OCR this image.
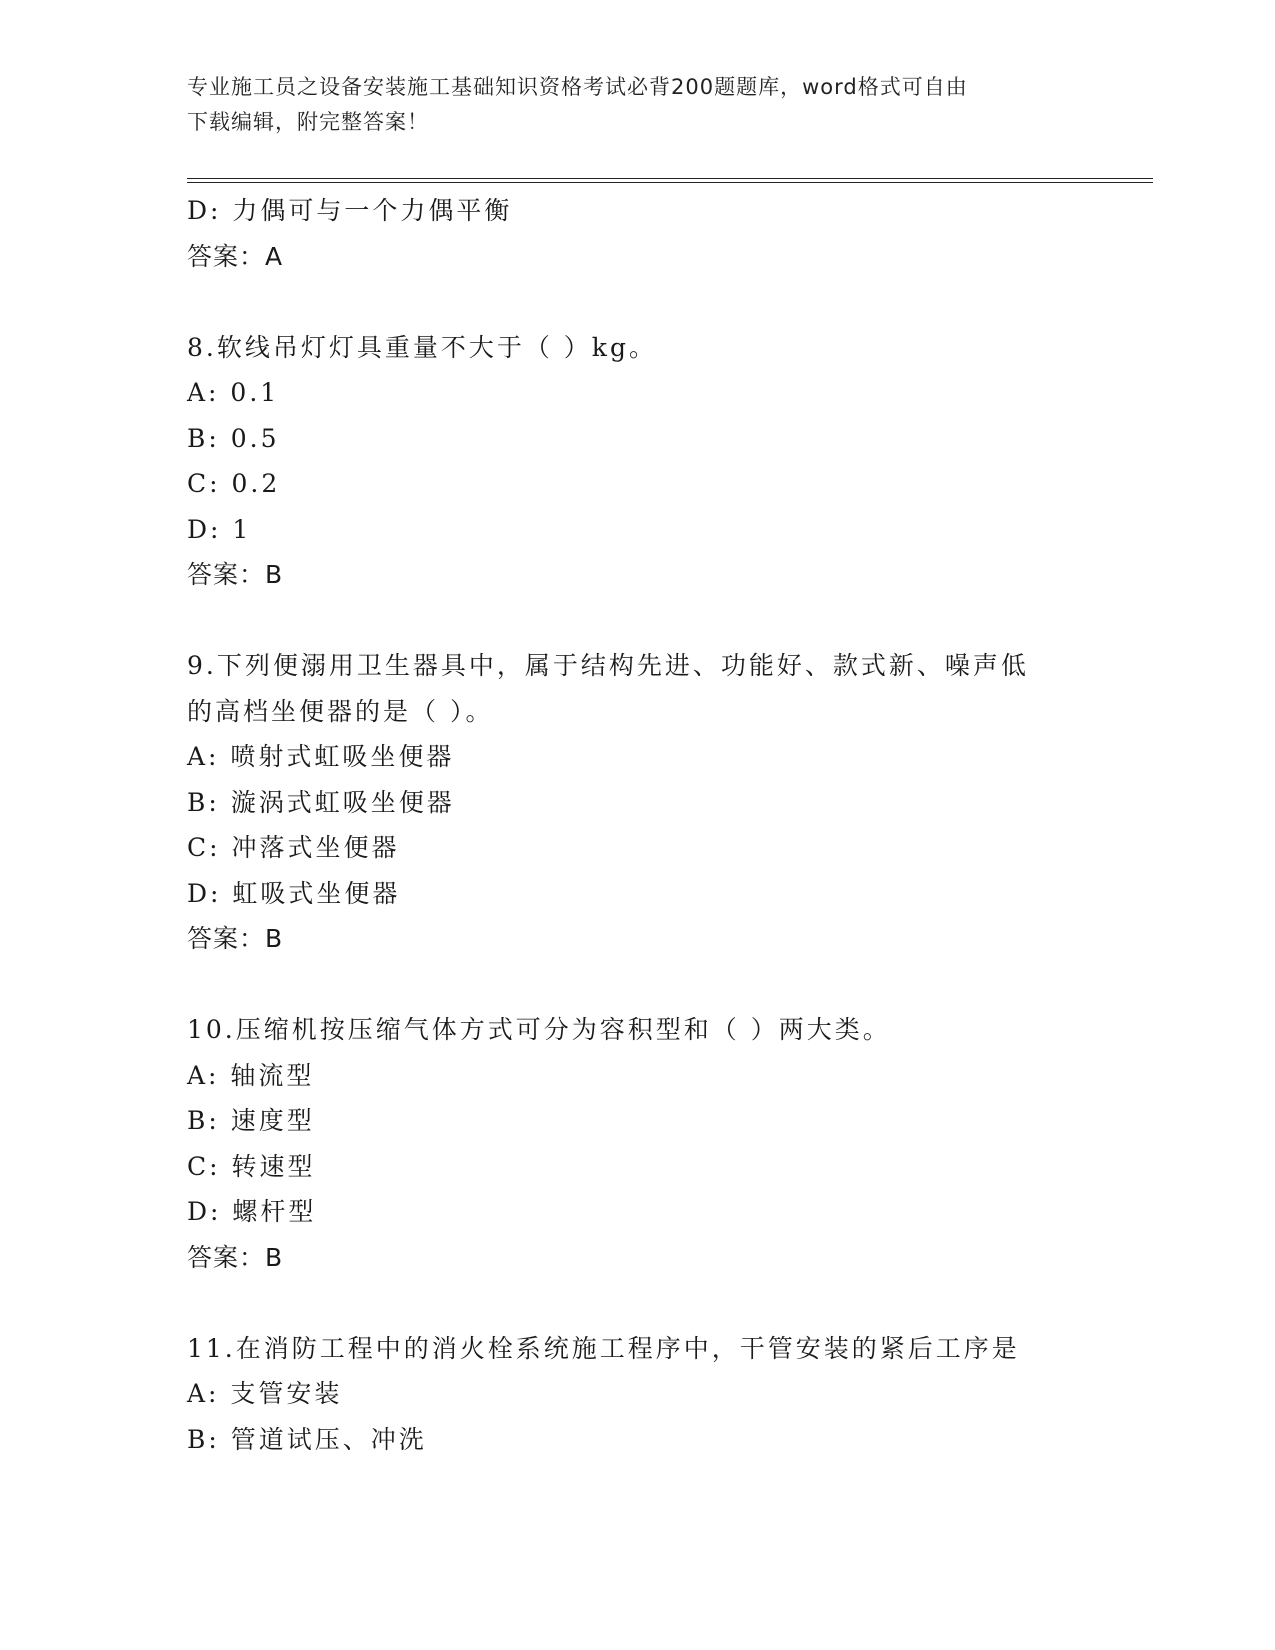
专业施工员之设备安装施工基础知识资格考试必背200题题库，word格式可自由
下载编辑，附完整答案！
D: 力偶可与一个力偶平衡
答案：A
8.软线吊灯灯具重量不大于（ ）kg。
A: 0.1
B: 0.5
C: 0.2
D: 1
答案：B
9.下列便溺用卫生器具中，属于结构先进、功能好、款式新、噪声低
的高档坐便器的是（ ）。
A: 喷射式虹吸坐便器
B: 漩涡式虹吸坐便器
C: 冲落式坐便器
D: 虹吸式坐便器
答案：B
10.压缩机按压缩气体方式可分为容积型和（ ）两大类。
A: 轴流型
B: 速度型
C: 转速型
D: 螺杆型
答案：B
11.在消防工程中的消火栓系统施工程序中，干管安装的紧后工序是
A: 支管安装
B: 管道试压、冲洗
